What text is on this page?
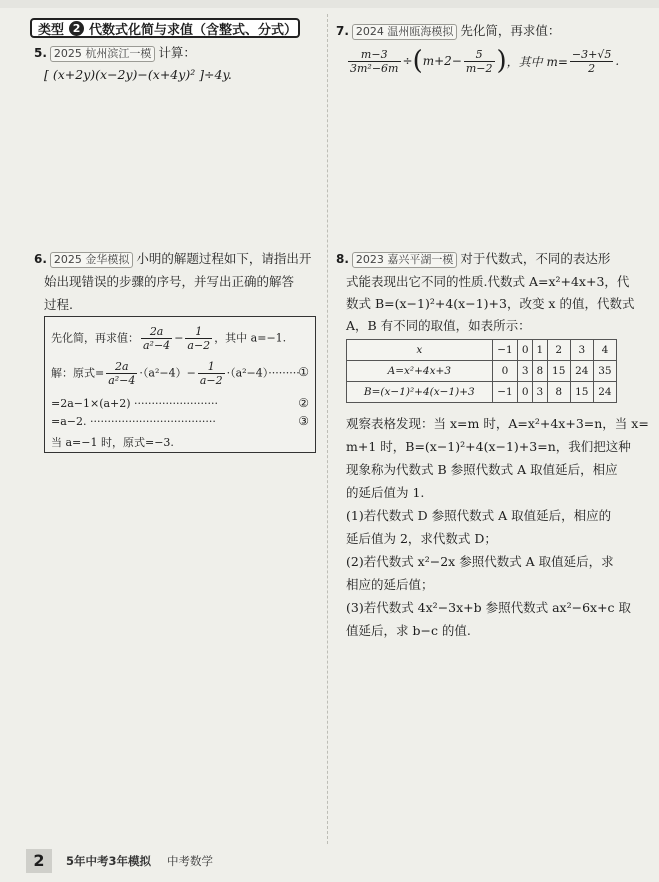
类型 2 代数式化简与求值（含整式、分式）
5. 2025 杭州滨江一模 计算：
[ (x+2y)(x−2y)−(x+4y)² ]÷4y.
6. 2025 金华模拟 小明的解题过程如下，请指出开
始出现错误的步骤的序号，并写出正确的解答
过程.
先化简，再求值： $\frac{2a}{\text{a²−4}} - \frac{1}{a-2}$ ，其中 a=−1.
解：原式= $\frac{2a}{\text{a²−4}} \cdot(a^2-4)- \frac{1}{a-2} \cdot(a^2-4)\cdot\cdot\cdot\cdot\cdot\cdot\cdot\cdot\cdot$
①
=2a−1×(a+2) ························	②
=a−2. ····································	③
当 a=−1 时，原式=−3.
7. 2024 温州瓯海模拟 先化简，再求值：
$\frac{m-3}{\text{3m²−6m}}$ ÷ ( $m+2- \frac{5}{m-2}$ ) ，其中 $m= \frac{-3+√5}{2}$ .
8. 2023 嘉兴平湖一模 对于代数式，不同的表达形
式能表现出它不同的性质.代数式 A=x²+4x+3，代
数式 B=(x−1)²+4(x−1)+3，改变 x 的值，代数式
A，B 有不同的取值，如表所示：
x	−1	0	1	2	3	4
A=x²+4x+3	0	3	8	15	24	35
B=(x−1)²+4(x−1)+3	−1	0	3	8	15	24
观察表格发现：当 x=m 时，A=x²+4x+3=n，当 x=
m+1 时，B=(x−1)²+4(x−1)+3=n，我们把这种
现象称为代数式 B 参照代数式 A 取值延后，相应
的延后值为 1.
(1)若代数式 D 参照代数式 A 取值延后，相应的
延后值为 2，求代数式 D；
(2)若代数式 x²−2x 参照代数式 A 取值延后，求
相应的延后值；
(3)若代数式 4x²−3x+b 参照代数式 ax²−6x+c 取
值延后，求 b−c 的值.
2	5年中考3年模拟 中考数学
